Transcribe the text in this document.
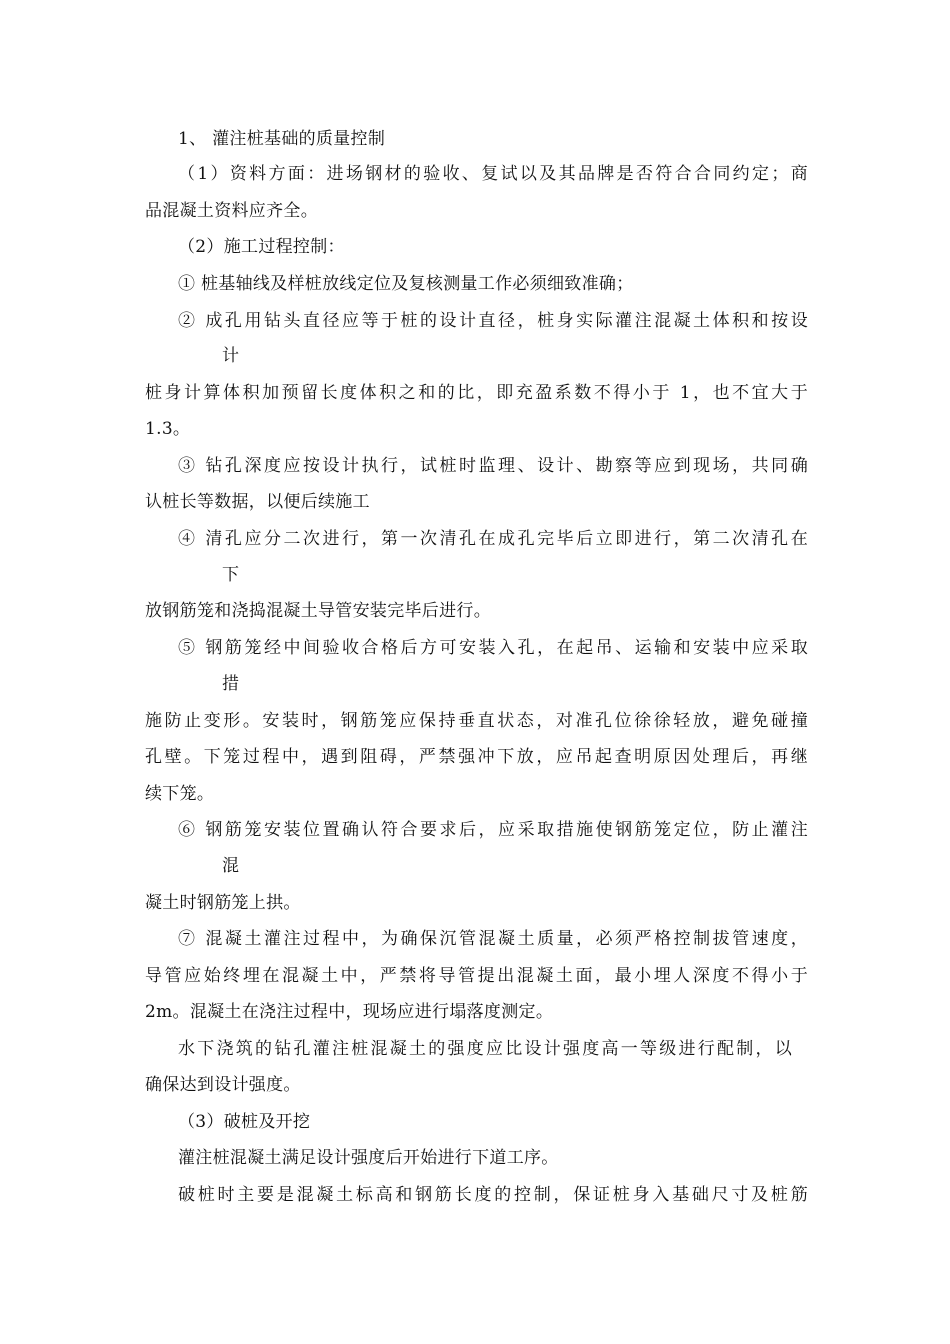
1、 灌注桩基础的质量控制
（1）资料方面：进场钢材的验收、复试以及其品牌是否符合合同约定；商
品混凝土资料应齐全。
（2）施工过程控制：
① 桩基轴线及样桩放线定位及复核测量工作必须细致准确；
② 成孔用钻头直径应等于桩的设计直径，桩身实际灌注混凝土体积和按设
计
桩身计算体积加预留长度体积之和的比，即充盈系数不得小于 1，也不宜大于
1.3。
③ 钻孔深度应按设计执行，试桩时监理、设计、勘察等应到现场，共同确
认桩长等数据，以便后续施工
④ 清孔应分二次进行，第一次清孔在成孔完毕后立即进行，第二次清孔在
下
放钢筋笼和浇捣混凝土导管安装完毕后进行。
⑤ 钢筋笼经中间验收合格后方可安装入孔，在起吊、运输和安装中应采取
措
施防止变形。安装时，钢筋笼应保持垂直状态，对准孔位徐徐轻放，避免碰撞
孔壁。下笼过程中，遇到阻碍，严禁强冲下放，应吊起查明原因处理后，再继
续下笼。
⑥ 钢筋笼安装位置确认符合要求后，应采取措施使钢筋笼定位，防止灌注
混
凝土时钢筋笼上拱。
⑦ 混凝土灌注过程中，为确保沉管混凝土质量，必须严格控制拔管速度，
导管应始终埋在混凝土中，严禁将导管提出混凝土面，最小埋人深度不得小于
2m。混凝土在浇注过程中，现场应进行塌落度测定。
水下浇筑的钻孔灌注桩混凝土的强度应比设计强度高一等级进行配制，以
确保达到设计强度。
（3）破桩及开挖
灌注桩混凝土满足设计强度后开始进行下道工序。
破桩时主要是混凝土标高和钢筋长度的控制，保证桩身入基础尺寸及桩筋
